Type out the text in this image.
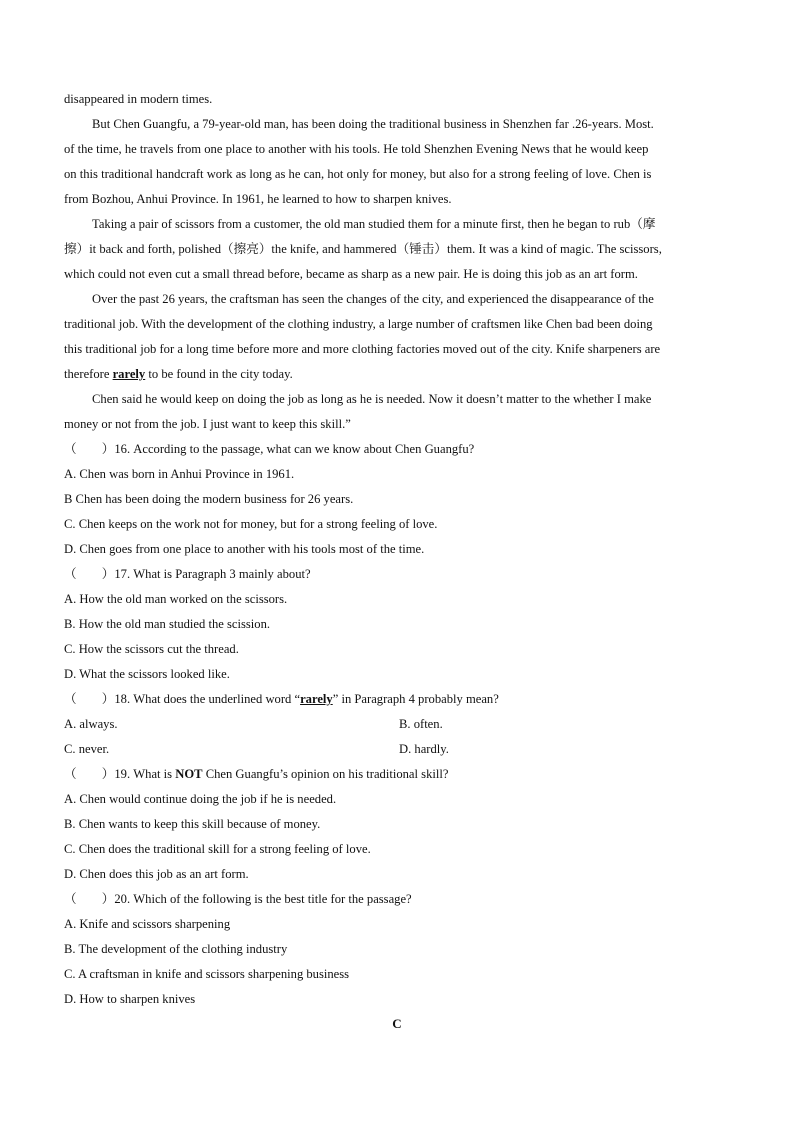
disappeared in modern times.
But Chen Guangfu, a 79-year-old man, has been doing the traditional business in Shenzhen far .26-years. Most.
of the time, he travels from one place to another with his tools. He told Shenzhen Evening News that he would keep
on this traditional handcraft work as long as he can, hot only for money, but also for a strong feeling of love. Chen is
from Bozhou, Anhui Province. In 1961, he learned to how to sharpen knives.
Taking a pair of scissors from a customer, the old man studied them for a minute first, then he began to rub（摩
擦）it back and forth, polished（擦亮）the knife, and hammered（锤击）them. It was a kind of magic. The scissors,
which could not even cut a small thread before, became as sharp as a new pair. He is doing this job as an art form.
Over the past 26 years, the craftsman has seen the changes of the city, and experienced the disappearance of the
traditional job. With the development of the clothing industry, a large number of craftsmen like Chen bad been doing
this traditional job for a long time before more and more clothing factories moved out of the city. Knife sharpeners are
therefore rarely to be found in the city today.
Chen said he would keep on doing the job as long as he is needed. Now it doesn’t matter to the whether I make
money or not from the job. I just want to keep this skill.”
（　　）16. According to the passage, what can we know about Chen Guangfu?
A. Chen was born in Anhui Province in 1961.
B Chen has been doing the modern business for 26 years.
C. Chen keeps on the work not for money, but for a strong feeling of love.
D. Chen goes from one place to another with his tools most of the time.
（　　）17. What is Paragraph 3 mainly about?
A. How the old man worked on the scissors.
B. How the old man studied the scission.
C. How the scissors cut the thread.
D. What the scissors looked like.
（　　）18. What does the underlined word “rarely” in Paragraph 4 probably mean?
A. always.	B. often.
C. never.	D. hardly.
（　　）19. What is NOT Chen Guangfu’s opinion on his traditional skill?
A. Chen would continue doing the job if he is needed.
B. Chen wants to keep this skill because of money.
C. Chen does the traditional skill for a strong feeling of love.
D. Chen does this job as an art form.
（　　）20. Which of the following is the best title for the passage?
A. Knife and scissors sharpening
B. The development of the clothing industry
C. A craftsman in knife and scissors sharpening business
D. How to sharpen knives
C
